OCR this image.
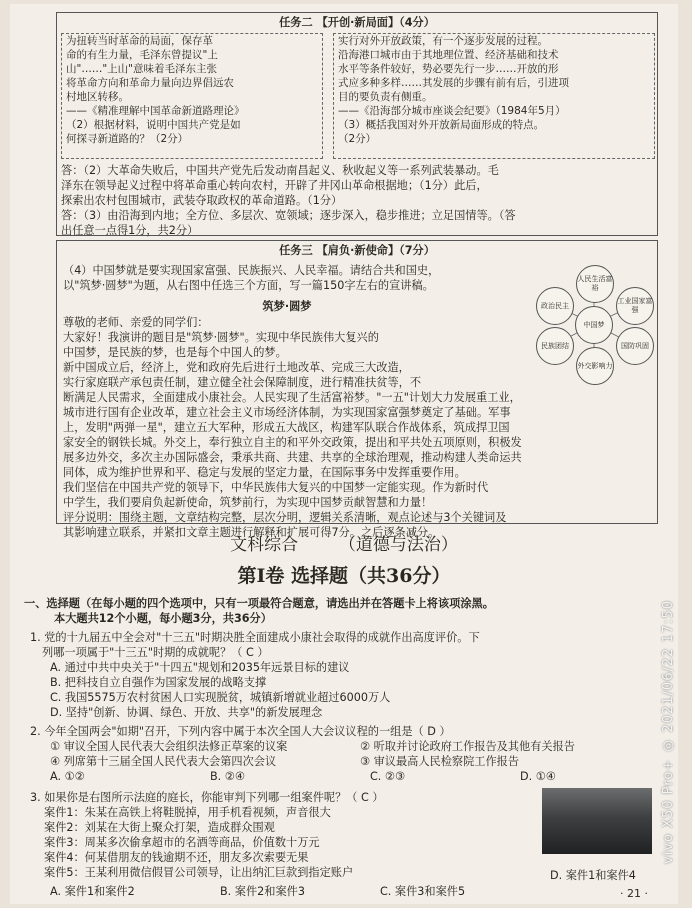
任务二 【开创·新局面】（4分）
为扭转当时革命的局面，保存革
命的有生力量，毛泽东曾提议"上
山"……"上山"意味着毛泽东主张
将革命方向和革命力量向边界倡远农
村地区转移。
——《精准理解中国革命新道路理论》
（2）根据材料，说明中国共产党是如
何探寻新道路的？（2分）
实行对外开放政策，有一个逐步发展的过程。
沿海港口城市由于其地理位置、经济基础和技术
水平等条件较好，势必要先行一步……开放的形
式应多种多样……其发展的步骤有前有后，引进项
目的要负责有侧重。
——《沿海部分城市座谈会纪要》（1984年5月）
（3）概括我国对外开放新局面形成的特点。
（2分）
答：（2）大革命失败后，中国共产党先后发动南昌起义、秋收起义等一系列武装暴动。毛
泽东在领导起义过程中将革命重心转向农村，开辟了井冈山革命根据地；（1分）此后，
探索出农村包围城市，武装夺取政权的革命道路。（1分）
答：（3）由沿海到内地；全方位、多层次、宽领域；逐步深入，稳步推进；立足国情等。（答
出任意一点得1分，共2分）
任务三 【肩负·新使命】（7分）
（4）中国梦就是要实现国家富强、民族振兴、人民幸福。请结合共和国史，
以"筑梦·圆梦"为题，从右图中任选三个方面，写一篇150字左右的宣讲稿。
筑梦·圆梦
尊敬的老师、亲爱的同学们：
大家好！我演讲的题目是"筑梦·圆梦"。实现中华民族伟大复兴的
中国梦，是民族的梦，也是每个中国人的梦。
新中国成立后，经济上，党和政府先后进行土地改革、完成三大改造，
实行家庭联产承包责任制，建立健全社会保障制度，进行精准扶贫等，不
断满足人民需求，全面建成小康社会。人民实现了生活富裕梦。"一五"计划大力发展重工业，
城市进行国有企业改革，建立社会主义市场经济体制，为实现国家富强梦奠定了基础。军事
上，发明"两弹一星"，建立五大军种，形成五大战区，构建军队联合作战体系，筑成捍卫国
家安全的钢铁长城。外交上，奉行独立自主的和平外交政策，提出和平共处五项原则，积极发
展多边外交，多次主办国际盛会，秉承共商、共建、共享的全球治理观，推动构建人类命运共
同体，成为维护世界和平、稳定与发展的坚定力量，在国际事务中发挥重要作用。
我们坚信在中国共产党的领导下，中华民族伟大复兴的中国梦一定能实现。作为新时代
中学生，我们要肩负起新使命，筑梦前行，为实现中国梦贡献智慧和力量！
评分说明：围绕主题，文章结构完整，层次分明，逻辑关系清晰，观点论述与3个关键词及
其影响建立联系，并紧扣文章主题进行解释和扩展可得7分。之后逐条减分。
中国梦
人民生活富裕
工业国家富强
国防巩固
外交影响力
民族团结
政治民主
文科综合 （道德与法治）
第Ⅰ卷 选择题（共36分）
一、选择题（在每小题的四个选项中，只有一项最符合题意，请选出并在答题卡上将该项涂黑。
本大题共12个小题，每小题3分，共36分）
1. 党的十九届五中全会对"十三五"时期决胜全面建成小康社会取得的成就作出高度评价。下
列哪一项属于"十三五"时期的成就呢？（ C ）
A. 通过中共中央关于"十四五"规划和2035年远景目标的建议
B. 把科技自立自强作为国家发展的战略支撑
C. 我国5575万农村贫困人口实现脱贫，城镇新增就业超过6000万人
D. 坚持"创新、协调、绿色、开放、共享"的新发展理念
2. 今年全国两会"如期"召开，下列内容中属于本次全国人大会议议程的一组是（ D ）
① 审议全国人民代表大会组织法修正草案的议案	② 听取并讨论政府工作报告及其他有关报告
④ 列席第十三届全国人民代表大会第四次会议	③ 审议最高人民检察院工作报告
A. ①②	B. ②④	C. ②③	D. ①④
3. 如果你是右图所示法庭的庭长，你能审判下列哪一组案件呢？（ C ）
案件1：朱某在高铁上将鞋脱掉，用手机看视频，声音很大
案件2：刘某在大街上聚众打架，造成群众围观
案件3：周某多次偷拿超市的名酒等商品，价值数十万元
案件4：何某借朋友的钱逾期不还，朋友多次索要无果
案件5：王某利用微信假冒公司领导，让出纳汇巨款到指定账户
A. 案件1和案件2	B. 案件2和案件3	C. 案件3和案件5
D. 案件1和案件4
· 21 ·
vivo X50 Pro+ ◎ 2021/06/22 17:50
